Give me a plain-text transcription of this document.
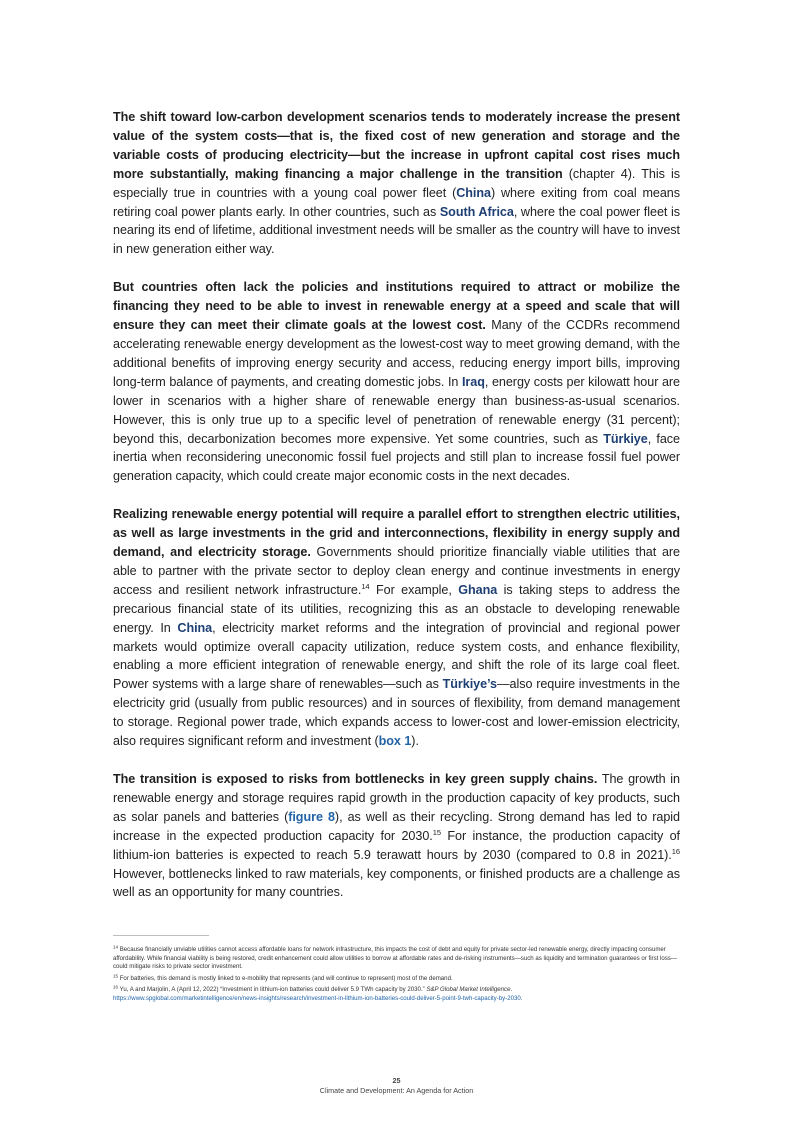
The shift toward low-carbon development scenarios tends to moderately increase the present value of the system costs—that is, the fixed cost of new generation and storage and the variable costs of producing electricity—but the increase in upfront capital cost rises much more substantially, making financing a major challenge in the transition (chapter 4). This is especially true in countries with a young coal power fleet (China) where exiting from coal means retiring coal power plants early. In other countries, such as South Africa, where the coal power fleet is nearing its end of lifetime, additional investment needs will be smaller as the country will have to invest in new generation either way.

But countries often lack the policies and institutions required to attract or mobilize the financing they need to be able to invest in renewable energy at a speed and scale that will ensure they can meet their climate goals at the lowest cost. Many of the CCDRs recommend accelerating renewable energy development as the lowest-cost way to meet growing demand, with the additional benefits of improving energy security and access, reducing energy import bills, improving long-term balance of payments, and creating domestic jobs. In Iraq, energy costs per kilowatt hour are lower in scenarios with a higher share of renewable energy than business-as-usual scenarios. However, this is only true up to a specific level of penetration of renewable energy (31 percent); beyond this, decarbonization becomes more expensive. Yet some countries, such as Türkiye, face inertia when reconsidering uneconomic fossil fuel projects and still plan to increase fossil fuel power generation capacity, which could create major economic costs in the next decades.

Realizing renewable energy potential will require a parallel effort to strengthen electric utilities, as well as large investments in the grid and interconnections, flexibility in energy supply and demand, and electricity storage. Governments should prioritize financially viable utilities that are able to partner with the private sector to deploy clean energy and continue investments in energy access and resilient network infrastructure.$^{14}$ For example, Ghana is taking steps to address the precarious financial state of its utilities, recognizing this as an obstacle to developing renewable energy. In China, electricity market reforms and the integration of provincial and regional power markets would optimize overall capacity utilization, reduce system costs, and enhance flexibility, enabling a more efficient integration of renewable energy, and shift the role of its large coal fleet. Power systems with a large share of renewables—such as Türkiye’s—also require investments in the electricity grid (usually from public resources) and in sources of flexibility, from demand management to storage. Regional power trade, which expands access to lower-cost and lower-emission electricity, also requires significant reform and investment (box 1).

The transition is exposed to risks from bottlenecks in key green supply chains. The growth in renewable energy and storage requires rapid growth in the production capacity of key products, such as solar panels and batteries (figure 8), as well as their recycling. Strong demand has led to rapid increase in the expected production capacity for 2030.15 For instance, the production capacity of lithium-ion batteries is expected to reach 5.9 terawatt hours by 2030 (compared to 0.8 in 2021).$^{16}$ However, bottlenecks linked to raw materials, key components, or finished products are a challenge as well as an opportunity for many countries.

$^{14}$ Because financially unviable utilities cannot access affordable loans for network infrastructure, this impacts the cost of debt and equity for private sector-led renewable energy, directly impacting consumer affordability. While financial viability is being restored, credit enhancement could allow utilities to borrow at affordable rates and de-risking instruments—such as liquidity and termination guarantees or first loss—could mitigate risks to private sector investment.

$^{15}$ For batteries, this demand is mostly linked to e-mobility that represents (and will continue to represent) most of the demand.

$^{16}$ Yu, A and Marjolin, A (April 12, 2022) “Investment in lithium-ion batteries could deliver 5.9 TWh capacity by 2030.” S&P Global Market Intelligence.
https://www.spglobal.com/marketintelligence/en/news-insights/research/investment-in-lithium-ion-batteries-could-deliver-5-point-9-twh-capacity-by-2030.

25
Climate and Development: An Agenda for Action
